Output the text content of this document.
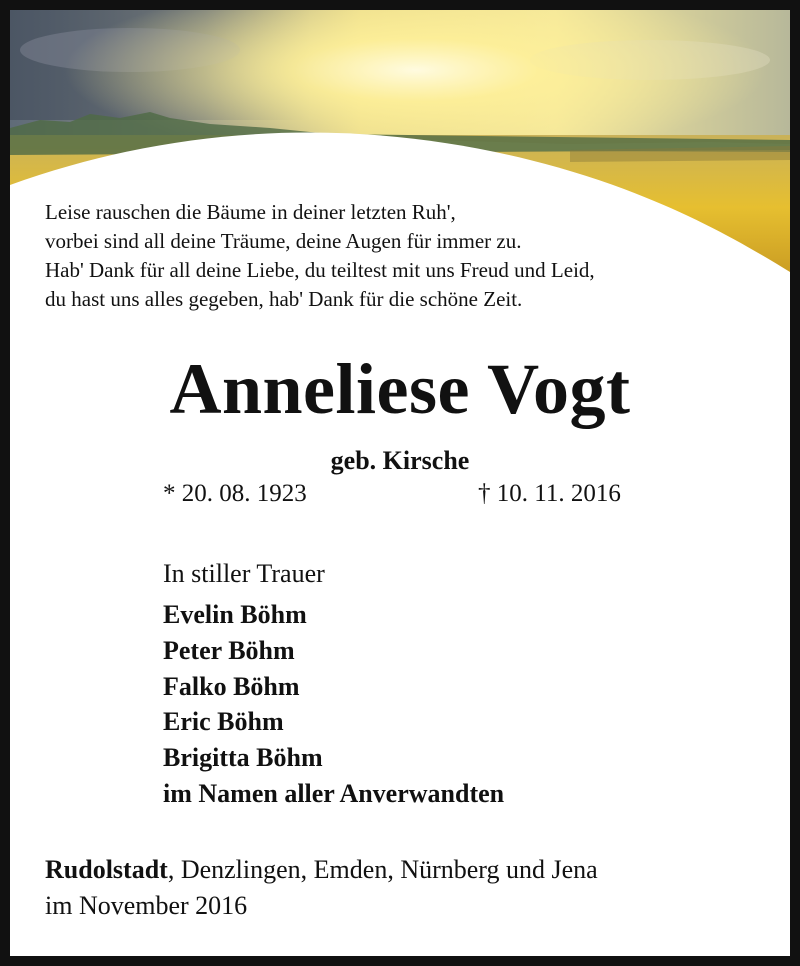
Leise rauschen die Bäume in deiner letzten Ruh',
vorbei sind all deine Träume, deine Augen für immer zu.
Hab' Dank für all deine Liebe, du teiltest mit uns Freud und Leid,
du hast uns alles gegeben, hab' Dank für die schöne Zeit.
Anneliese Vogt
geb. Kirsche
* 20. 08. 1923	† 10. 11. 2016
In stiller Trauer
Evelin Böhm
Peter Böhm
Falko Böhm
Eric Böhm
Brigitta Böhm
im Namen aller Anverwandten
Rudolstadt, Denzlingen, Emden, Nürnberg und Jena
im November 2016
